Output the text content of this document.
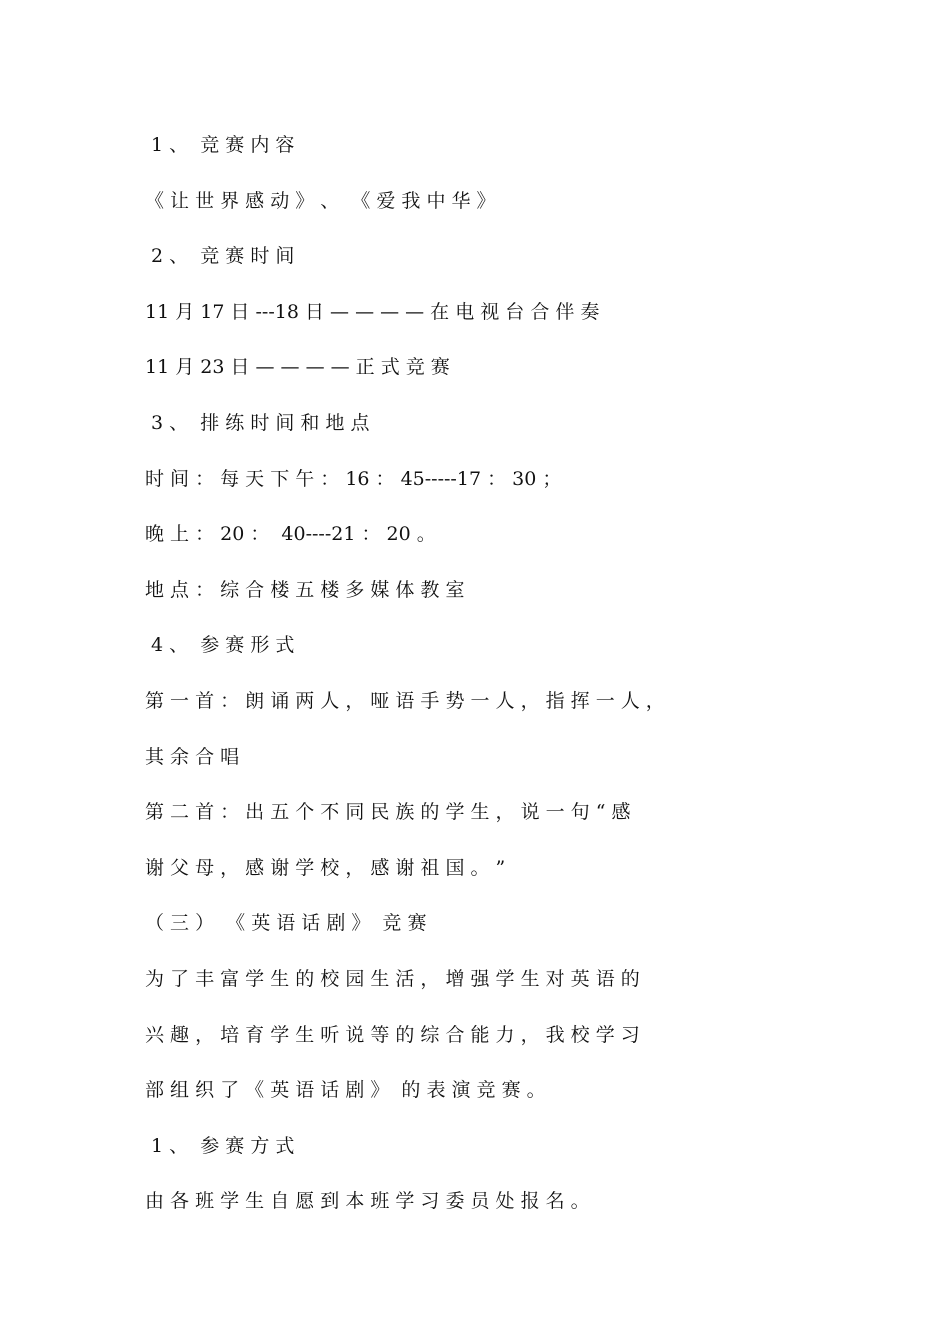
1 、  竞 赛 内 容
《 让 世 界 感 动 》 、  《 爱 我 中 华 》
2 、  竞 赛 时 间
11 月 17 日 ---18 日 — — — — 在 电 视 台 合 伴 奏
11 月 23 日 — — — — 正 式 竞 赛
3 、  排 练 时 间 和 地 点
时 间 ： 每 天 下 午 ： 16 ： 45-----17 ： 30 ；
晚 上 ： 20 ：  40----21 ： 20 。
地 点 ： 综 合 楼 五 楼 多 媒 体 教 室
4 、  参 赛 形 式
第 一 首 ： 朗 诵 两 人 ， 哑 语 手 势 一 人 ， 指 挥 一 人 ，
其 余 合 唱
第 二 首 ： 出 五 个 不 同 民 族 的 学 生 ， 说 一 句 “ 感
谢 父 母 ， 感 谢 学 校 ， 感 谢 祖 国 。 ”
（ 三 ）  《 英 语 话 剧 》  竞 赛
为 了 丰 富 学 生 的 校 园 生 活 ， 增 强 学 生 对 英 语 的
兴 趣 ， 培 育 学 生 听 说 等 的 综 合 能 力 ， 我 校 学 习
部 组 织 了 《 英 语 话 剧 》  的 表 演 竞 赛 。
1 、  参 赛 方 式
由 各 班 学 生 自 愿 到 本 班 学 习 委 员 处 报 名 。
